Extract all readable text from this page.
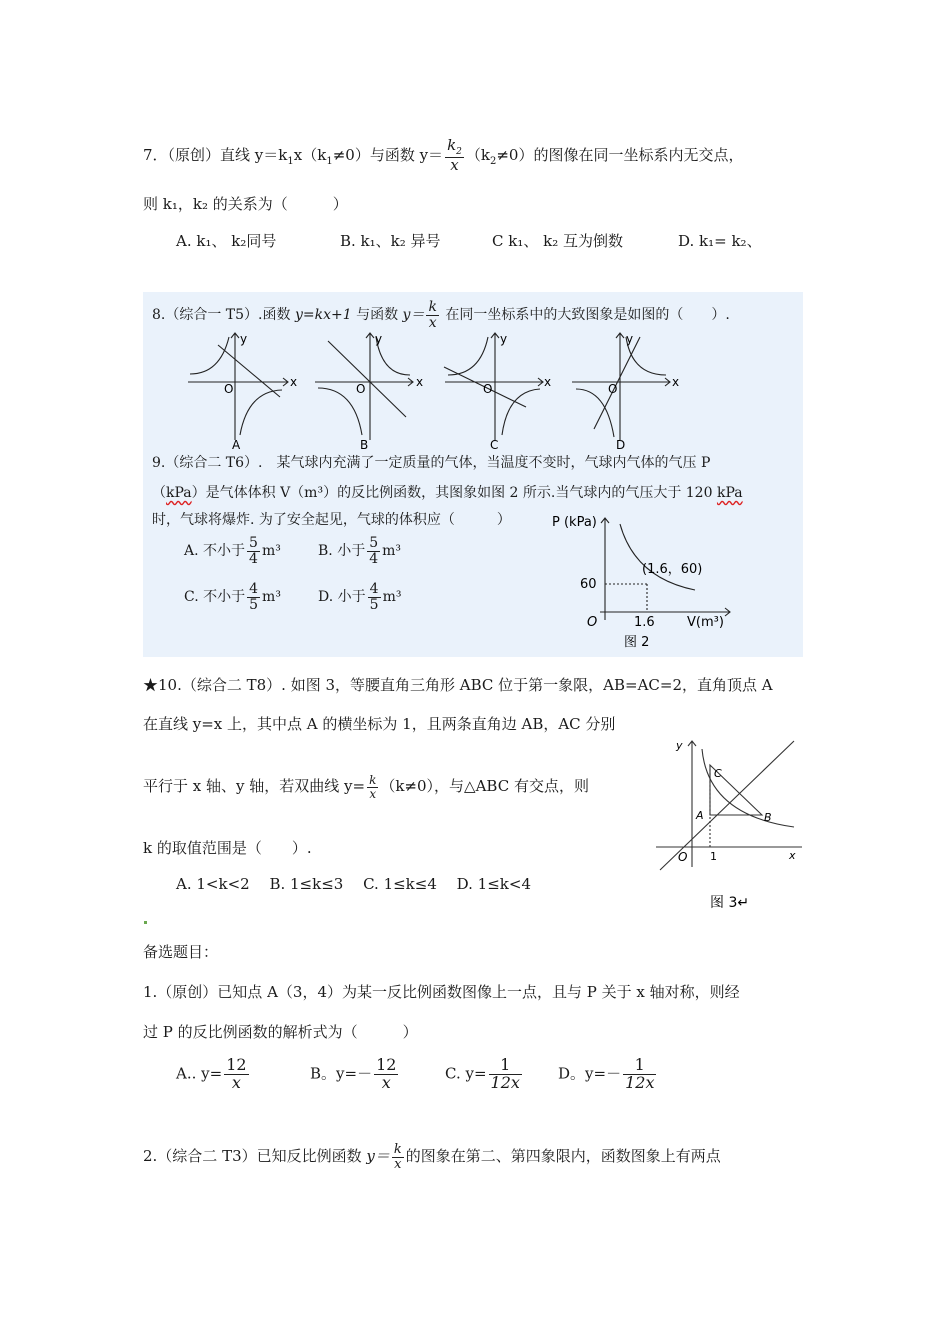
7．（原创）直线 $y=k_1x(k_1\ne 0)$与函数 $y= \frac{k_2}{x} (k_2\ne 0)$的图像在同一坐标系内无交点，
则 k₁，k₂ 的关系为（　　　）
A. k₁、 k₂同号	B. k₁、k₂ 异号	C k₁、 k₂ 互为倒数	D. k₁= k₂、
8.（综合一 T5）.函数 y=kx+1 与函数 $y= \frac{k}{x}$ 在同一坐标系中的大致图象是如图的（　　）.
y
x
O
A
y
x
O
B
y
x
O
C
y
x
O
D
9.（综合二 T6）.　某气球内充满了一定质量的气体，当温度不变时，气球内气体的气压 P
（kPa）是气体体积 V（m³）的反比例函数，其图象如图 2 所示.当气球内的气压大于 120 kPa
时，气球将爆炸. 为了安全起见，气球的体积应（　　　）
A. 不小于 $\frac{5}{4} m^3$	B. 小于 $\frac{5}{4} m^3$
C. 不小于 $\frac{4}{5} m^3$	D. 小于 $\frac{4}{5} m^3$
P (kPa)
(1.6，60)
60
O	1.6 V(m³)
图 2
★10.（综合二 T8）. 如图 3，等腰直角三角形 ABC 位于第一象限，AB=AC=2，直角顶点 A
在直线 y=x 上，其中点 A 的横坐标为 1，且两条直角边 AB，AC 分别
平行于 x 轴、y 轴，若双曲线 $y= \frac{k}{x} (k\ne 0)$，与△ABC 有交点，则
k 的取值范围是（　　）.
A. 1<k<2　 B. 1≤k≤3　 C. 1≤k≤4　 D. 1≤k<4
y
x
O 1
A	B
C
图 3↵
备选题目：
1.（原创）已知点 A（3，4）为某一反比例函数图像上一点，且与 P 关于 x 轴对称，则经
过 P 的反比例函数的解析式为（　　　）
A.. $y= \frac{12}{x}$	B。$y=- \frac{12}{x}$	C. $y= \frac{1}{12x}$ D。$y=- \frac{1}{12x}$
2.（综合二 T3）已知反比例函数 $y= \frac{k}{x}$ 的图象在第二、第四象限内，函数图象上有两点
